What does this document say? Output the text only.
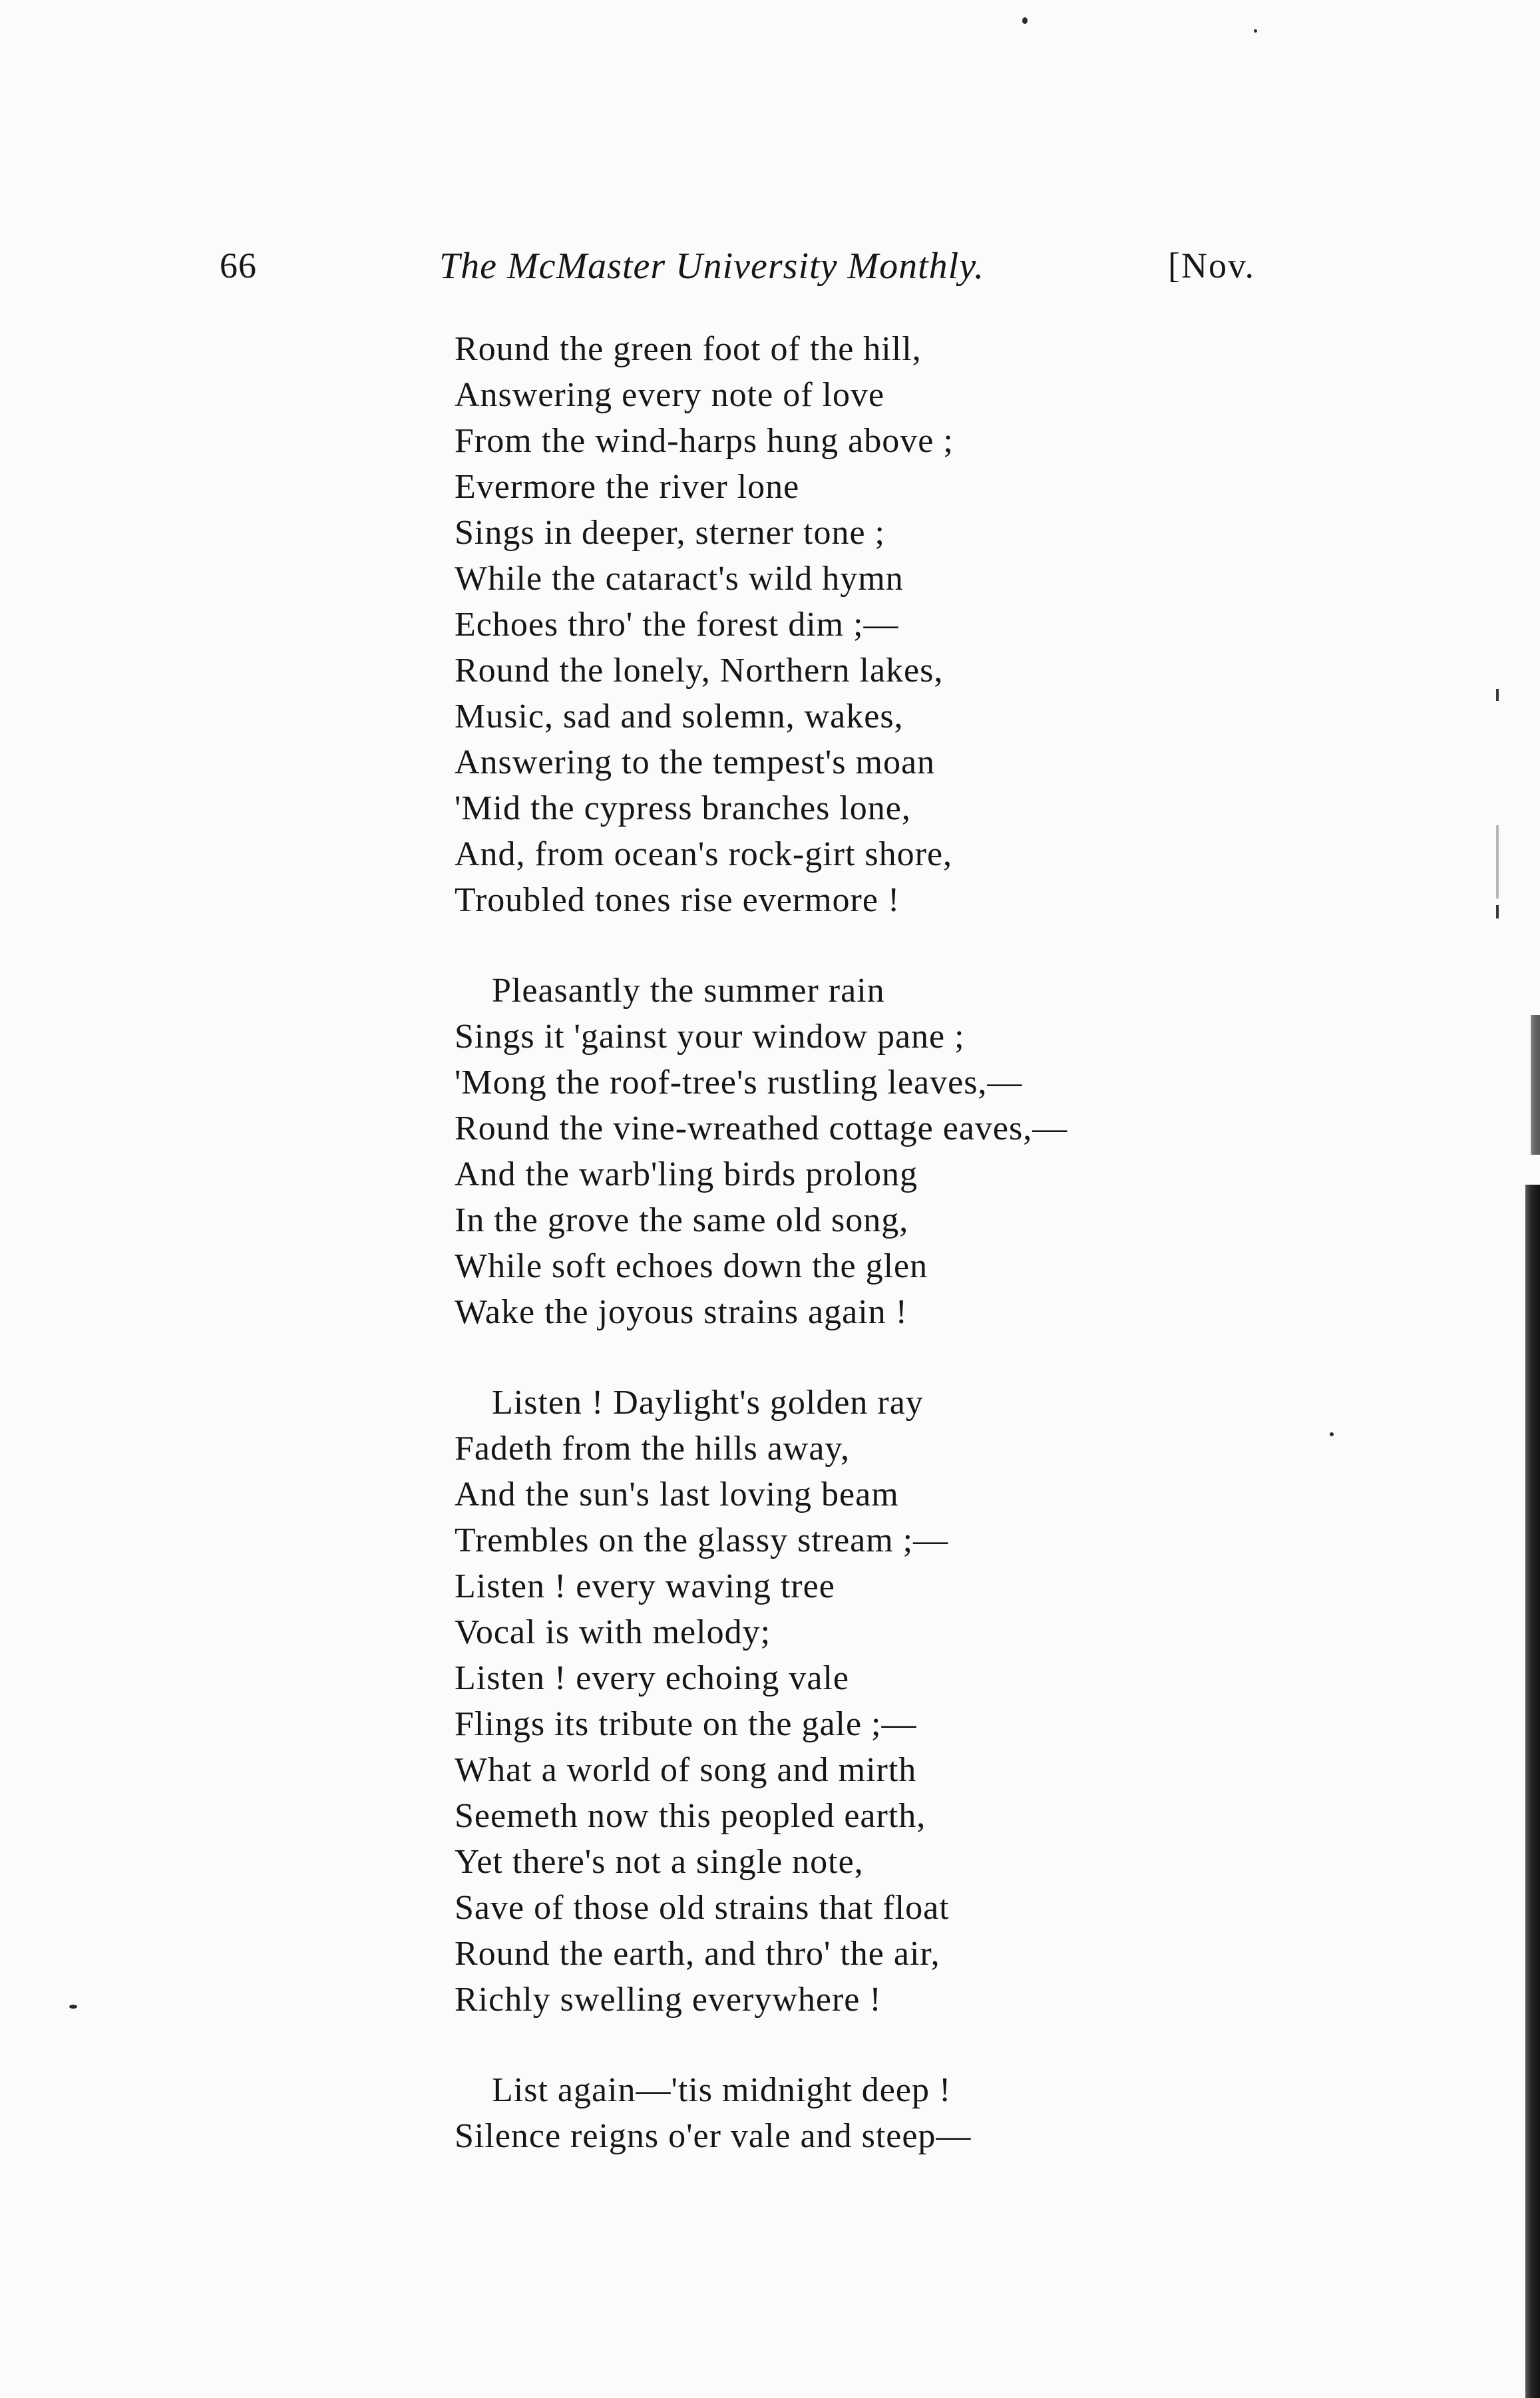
66	The McMaster University Monthly.	[Nov.
Round the green foot of the hill,
Answering every note of love
From the wind-harps hung above ;
Evermore the river lone
Sings in deeper, sterner tone ;
While the cataract's wild hymn
Echoes thro' the forest dim ;—
Round the lonely, Northern lakes,
Music, sad and solemn, wakes,
Answering to the tempest's moan
'Mid the cypress branches lone,
And, from ocean's rock-girt shore,
Troubled tones rise evermore !
Pleasantly the summer rain
Sings it 'gainst your window pane ;
'Mong the roof-tree's rustling leaves,—
Round the vine-wreathed cottage eaves,—
And the warb'ling birds prolong
In the grove the same old song,
While soft echoes down the glen
Wake the joyous strains again !
Listen ! Daylight's golden ray
Fadeth from the hills away,
And the sun's last loving beam
Trembles on the glassy stream ;—
Listen ! every waving tree
Vocal is with melody;
Listen ! every echoing vale
Flings its tribute on the gale ;—
What a world of song and mirth
Seemeth now this peopled earth,
Yet there's not a single note,
Save of those old strains that float
Round the earth, and thro' the air,
Richly swelling everywhere !
List again—'tis midnight deep !
Silence reigns o'er vale and steep—
